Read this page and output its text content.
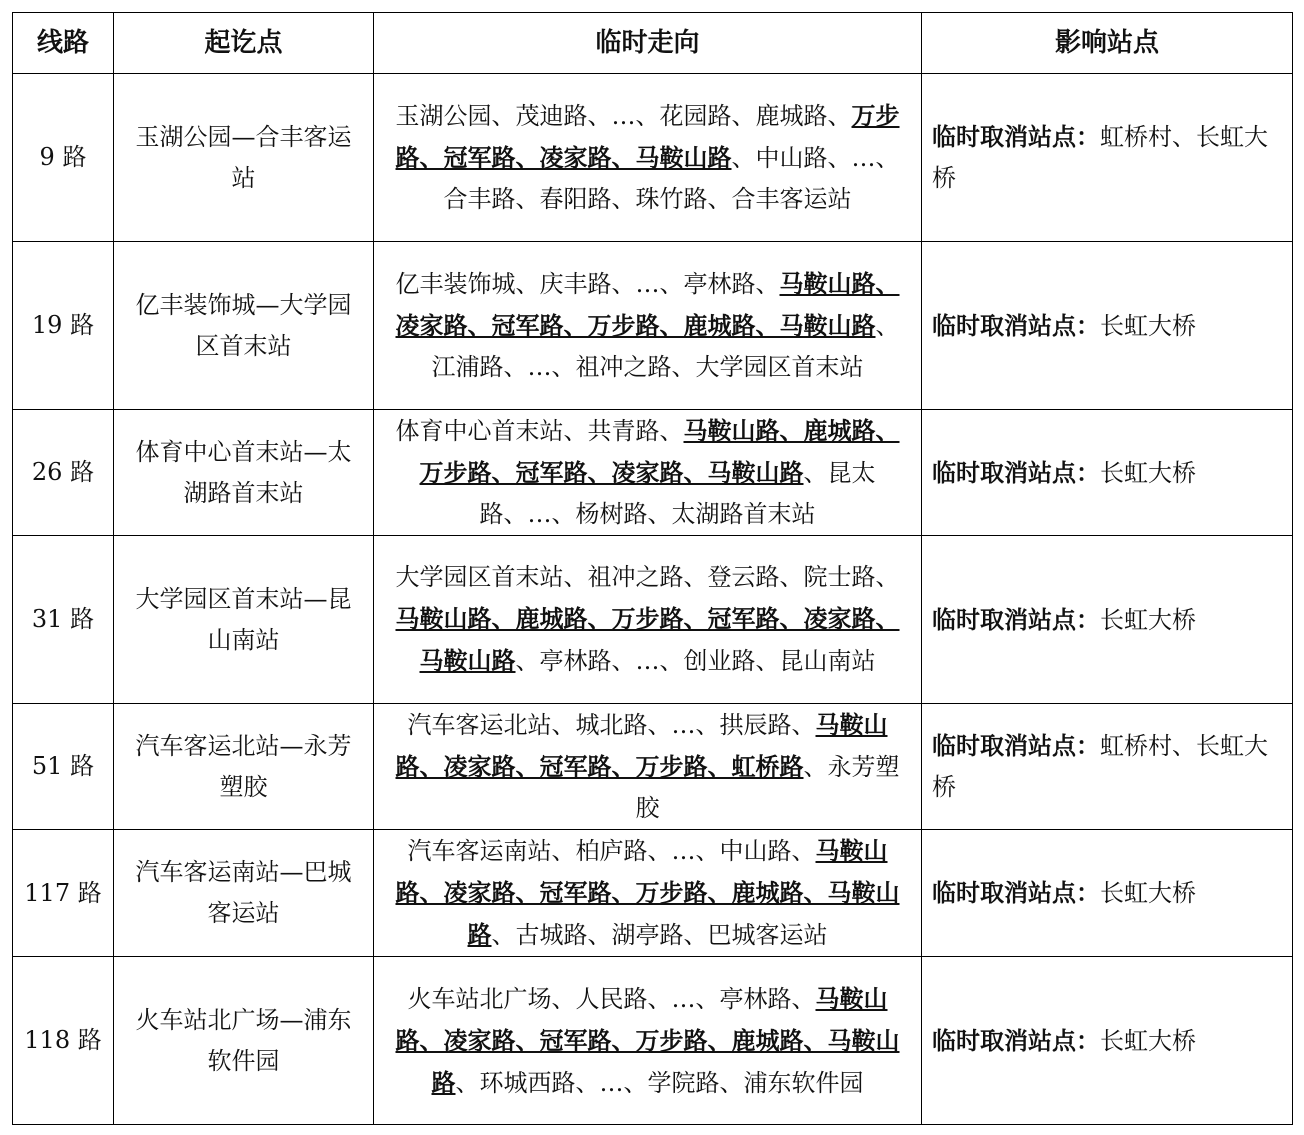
线路	起讫点	临时走向	影响站点
9 路	玉湖公园—合丰客运站	玉湖公园、茂迪路、…、花园路、鹿城路、万步路、冠军路、凌家路、马鞍山路、中山路、…、合丰路、春阳路、珠竹路、合丰客运站	临时取消站点：虹桥村、长虹大桥
19 路	亿丰装饰城—大学园区首末站	亿丰装饰城、庆丰路、…、亭林路、马鞍山路、凌家路、冠军路、万步路、鹿城路、马鞍山路、江浦路、…、祖冲之路、大学园区首末站	临时取消站点：长虹大桥
26 路	体育中心首末站—太湖路首末站	体育中心首末站、共青路、马鞍山路、鹿城路、万步路、冠军路、凌家路、马鞍山路、昆太路、…、杨树路、太湖路首末站	临时取消站点：长虹大桥
31 路	大学园区首末站—昆山南站	大学园区首末站、祖冲之路、登云路、院士路、马鞍山路、鹿城路、万步路、冠军路、凌家路、马鞍山路、亭林路、…、创业路、昆山南站	临时取消站点：长虹大桥
51 路	汽车客运北站—永芳塑胶	汽车客运北站、城北路、…、拱辰路、马鞍山路、凌家路、冠军路、万步路、虹桥路、永芳塑胶	临时取消站点：虹桥村、长虹大桥
117 路	汽车客运南站—巴城客运站	汽车客运南站、柏庐路、…、中山路、马鞍山路、凌家路、冠军路、万步路、鹿城路、马鞍山路、古城路、湖亭路、巴城客运站	临时取消站点：长虹大桥
118 路	火车站北广场—浦东软件园	火车站北广场、人民路、…、亭林路、马鞍山路、凌家路、冠军路、万步路、鹿城路、马鞍山路、环城西路、…、学院路、浦东软件园	临时取消站点：长虹大桥
